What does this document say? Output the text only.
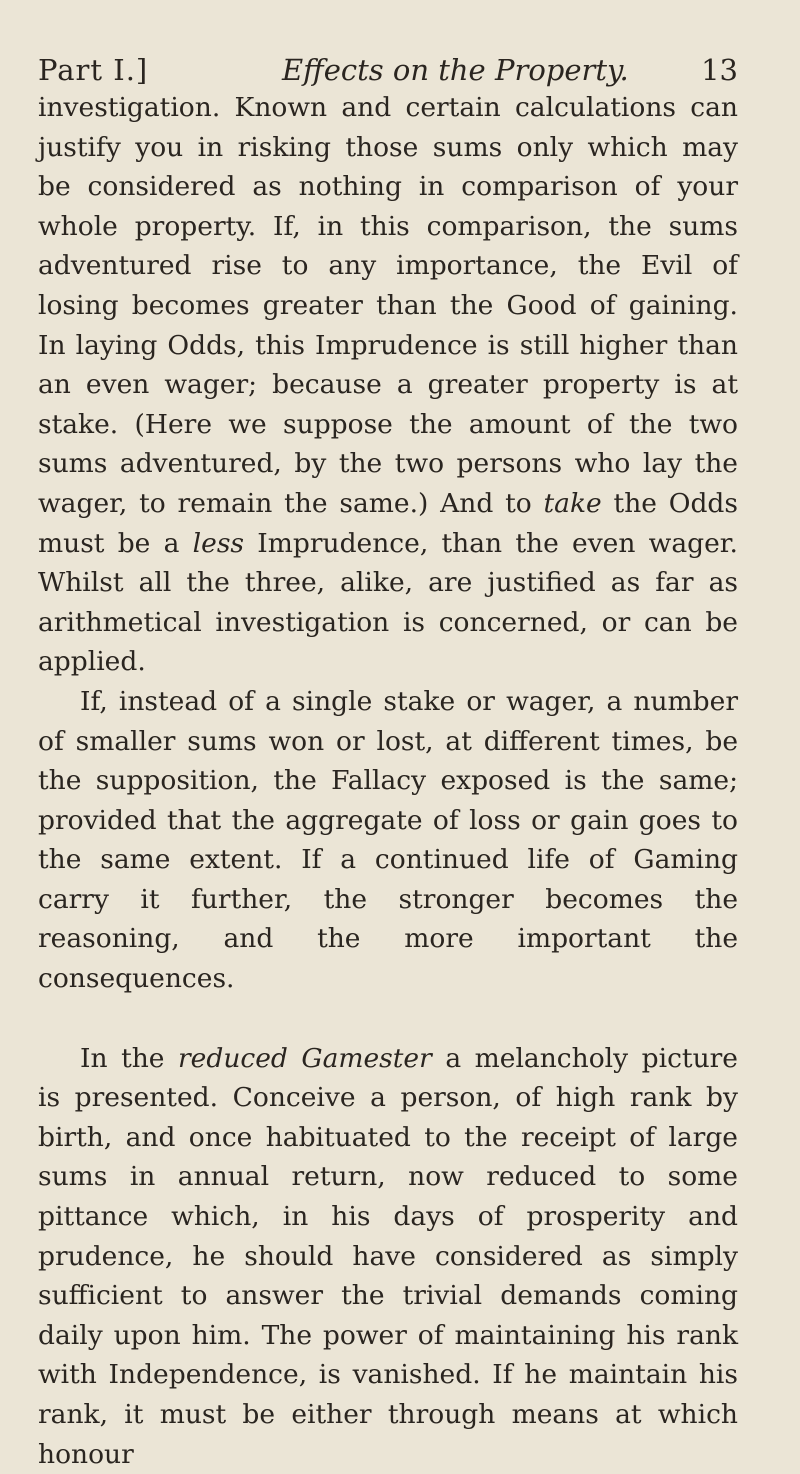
Part I.]	Effects on the Property. 13

investigation. Known and certain calculations can justify you in risking those sums only which may be considered as nothing in comparison of your whole property. If, in this comparison, the sums adventured rise to any importance, the Evil of losing becomes greater than the Good of gaining. In laying Odds, this Imprudence is still higher than an even wager; because a greater property is at stake. (Here we suppose the amount of the two sums adventured, by the two persons who lay the wager, to remain the same.) And to take the Odds must be a less Imprudence, than the even wager. Whilst all the three, alike, are justified as far as arithmetical investigation is concerned, or can be applied.

If, instead of a single stake or wager, a number of smaller sums won or lost, at different times, be the supposition, the Fallacy exposed is the same; provided that the aggregate of loss or gain goes to the same extent. If a continued life of Gaming carry it further, the stronger becomes the reasoning, and the more important the consequences.

In the reduced Gamester a melancholy picture is presented. Conceive a person, of high rank by birth, and once habituated to the receipt of large sums in annual return, now reduced to some pittance which, in his days of prosperity and prudence, he should have considered as simply sufficient to answer the trivial demands coming daily upon him. The power of maintaining his rank with Independence, is vanished. If he maintain his rank, it must be either through means at which honour
